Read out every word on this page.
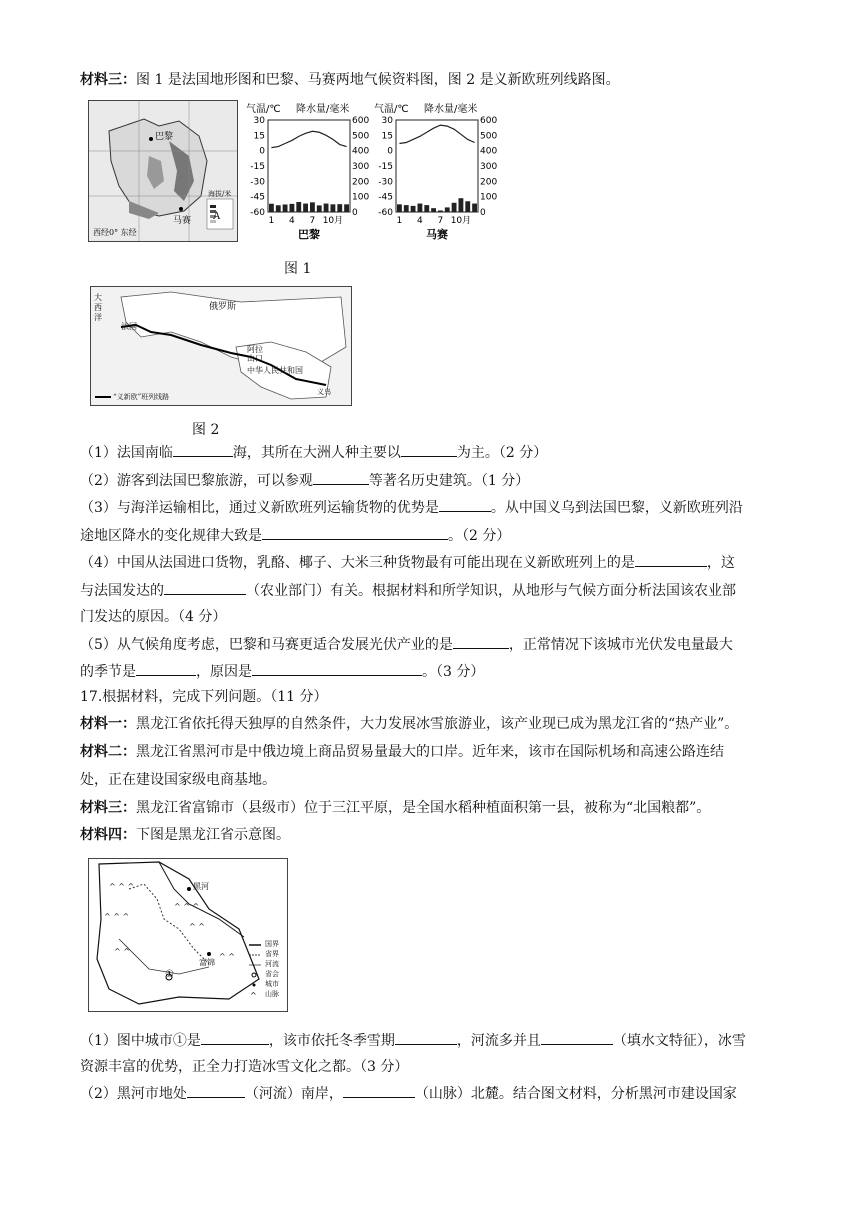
材料三：图 1 是法国地形图和巴黎、马赛两地气候资料图，图 2 是义新欧班列线路图。
巴黎
马赛
西经0° 东经
海拔/米
A
气温/℃ 降水量/毫米
30	600
15	500
0	400
-15	300
-30	200
-45	100
-60	0
1 4 7 10月
巴黎
气温/℃ 降水量/毫米
30	600
15	500
0	400
-15	300
-30	200
-45	100
-60	0
1 4 7 10月
马赛
图 1
大西洋
俄罗斯
法国
阿拉山口
中华人民共和国
义乌
“义新欧”班列线路
图 2
（1）法国南临	海，其所在大洲人种主要以	为主。（2 分）
（2）游客到法国巴黎旅游，可以参观	等著名历史建筑。（1 分）
（3）与海洋运输相比，通过义新欧班列运输货物的优势是	。从中国义乌到法国巴黎，义新欧班列沿
途地区降水的变化规律大致是	。（2 分）
（4）中国从法国进口货物，乳酪、椰子、大米三种货物最有可能出现在义新欧班列上的是	，这
与法国发达的	（农业部门）有关。根据材料和所学知识，从地形与气候方面分析法国该农业部
门发达的原因。（4 分）
（5）从气候角度考虑，巴黎和马赛更适合发展光伏产业的是	，正常情况下该城市光伏发电量最大
的季节是	，原因是	。（3 分）
17.根据材料，完成下列问题。（11 分）
材料一：黑龙江省依托得天独厚的自然条件，大力发展冰雪旅游业，该产业现已成为黑龙江省的“热产业”。
材料二：黑龙江省黑河市是中俄边境上商品贸易量最大的口岸。近年来，该市在国际机场和高速公路连结
处，正在建设国家级电商基地。
材料三：黑龙江省富锦市（县级市）位于三江平原，是全国水稻种植面积第一县，被称为“北国粮都”。
材料四：下图是黑龙江省示意图。
^ ^ ^
^ ^ ^
^ ^
^ ^ ^
^ ^
^ ^
^
黑河
富锦
①
国界
省界
河流
省会
城市
山脉
（1）图中城市①是	，该市依托冬季雪期	，河流多并且	（填水文特征），冰雪
资源丰富的优势，正全力打造冰雪文化之都。（3 分）
（2）黑河市地处	（河流）南岸，	（山脉）北麓。结合图文材料，分析黑河市建设国家
